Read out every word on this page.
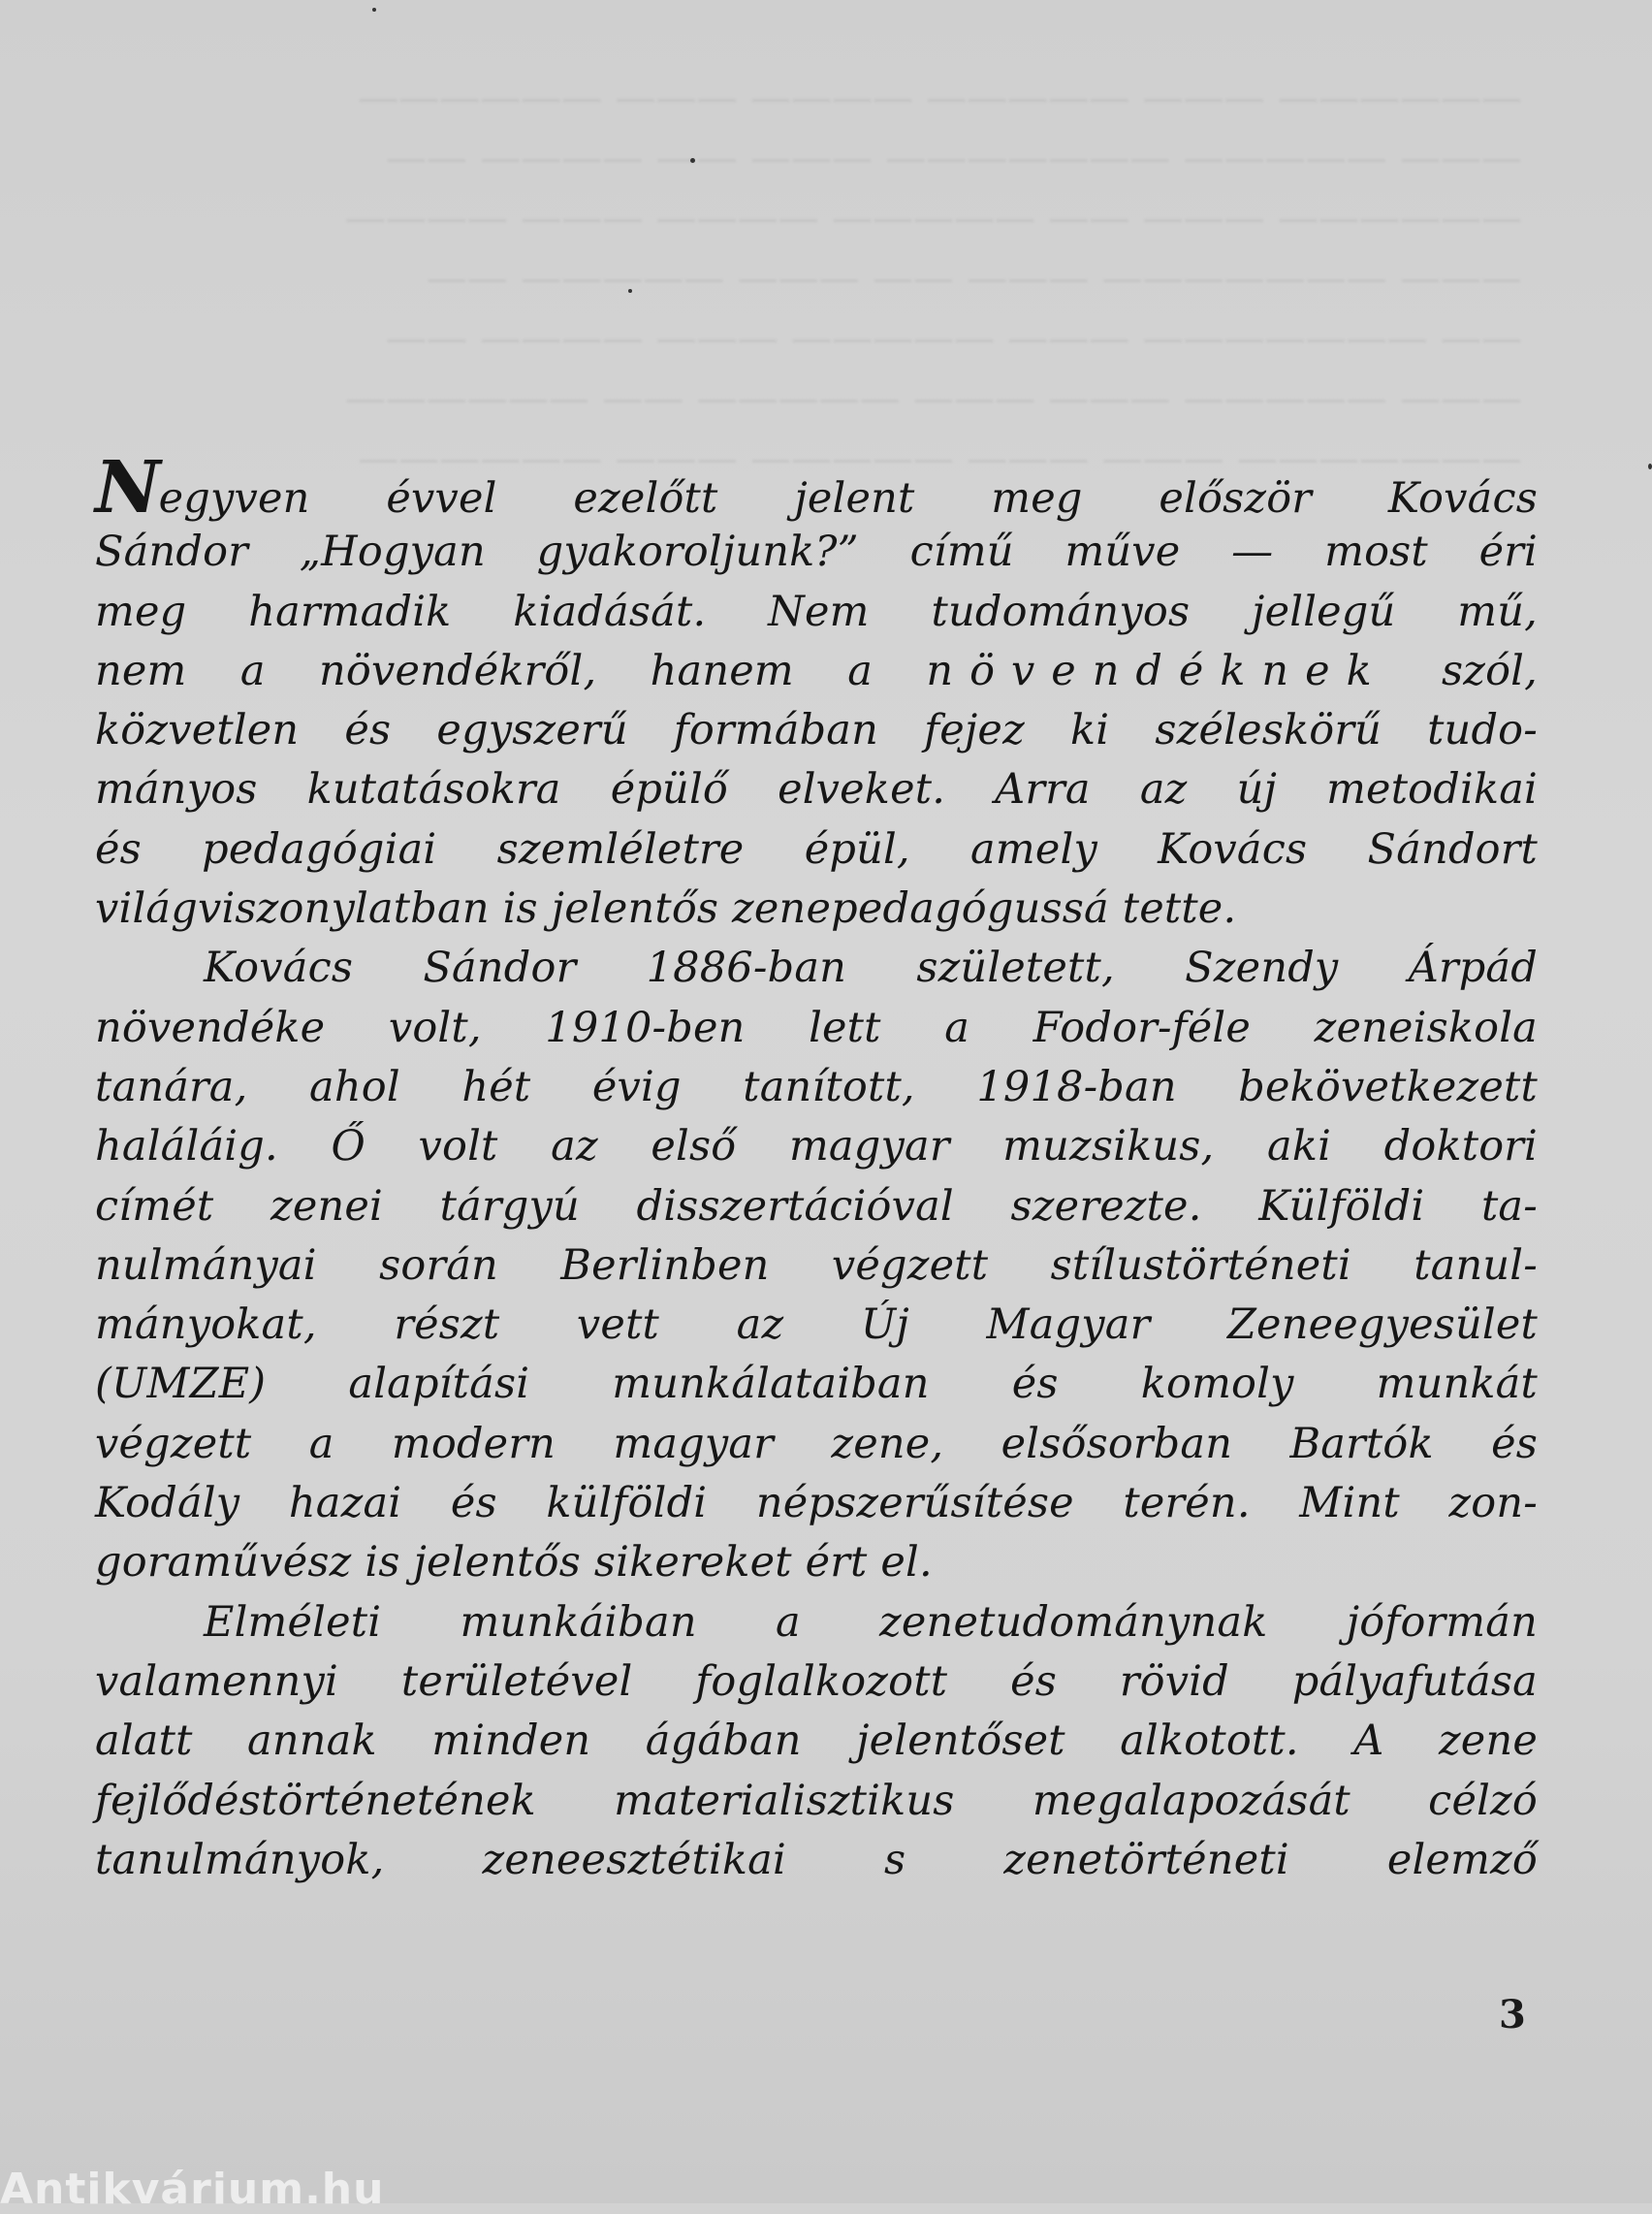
—————— ——— ————— ———— ——— ——————
——— ————— ——————— ——— —— ———— ——
—————— ——— —— ————— ———— ——— ————
——— ——————— ——— —— ——— ————— ——
—— ——————— ——— ————— ——— ———— ——
——— ————— ——— ——— ————— —— ——————
——————— ——— ——— ————— ——— ——————
Negyven évvel ezelőtt jelent meg először Kovács
Sándor „Hogyan gyakoroljunk?” című műve — most éri
meg harmadik kiadását. Nem tudományos jellegű mű,
nem a növendékről, hanem a növendéknek szól,
közvetlen és egyszerű formában fejez ki széleskörű tudo-
mányos kutatásokra épülő elveket. Arra az új metodikai
és pedagógiai szemléletre épül, amely Kovács Sándort
világviszonylatban is jelentős zenepedagógussá tette.
Kovács Sándor 1886-ban született, Szendy Árpád
növendéke volt, 1910-ben lett a Fodor-féle zeneiskola
tanára, ahol hét évig tanított, 1918-ban bekövetkezett
haláláig. Ő volt az első magyar muzsikus, aki doktori
címét zenei tárgyú disszertációval szerezte. Külföldi ta-
nulmányai során Berlinben végzett stílustörténeti tanul-
mányokat, részt vett az Új Magyar Zeneegyesület
(UMZE) alapítási munkálataiban és komoly munkát
végzett a modern magyar zene, elsősorban Bartók és
Kodály hazai és külföldi népszerűsítése terén. Mint zon-
goraművész is jelentős sikereket ért el.
Elméleti munkáiban a zenetudománynak jóformán
valamennyi területével foglalkozott és rövid pályafutása
alatt annak minden ágában jelentőset alkotott. A zene
fejlődéstörténetének materialisztikus megalapozását célzó
tanulmányok, zeneesztétikai s zenetörténeti elemző
3
Antikvárium.hu
